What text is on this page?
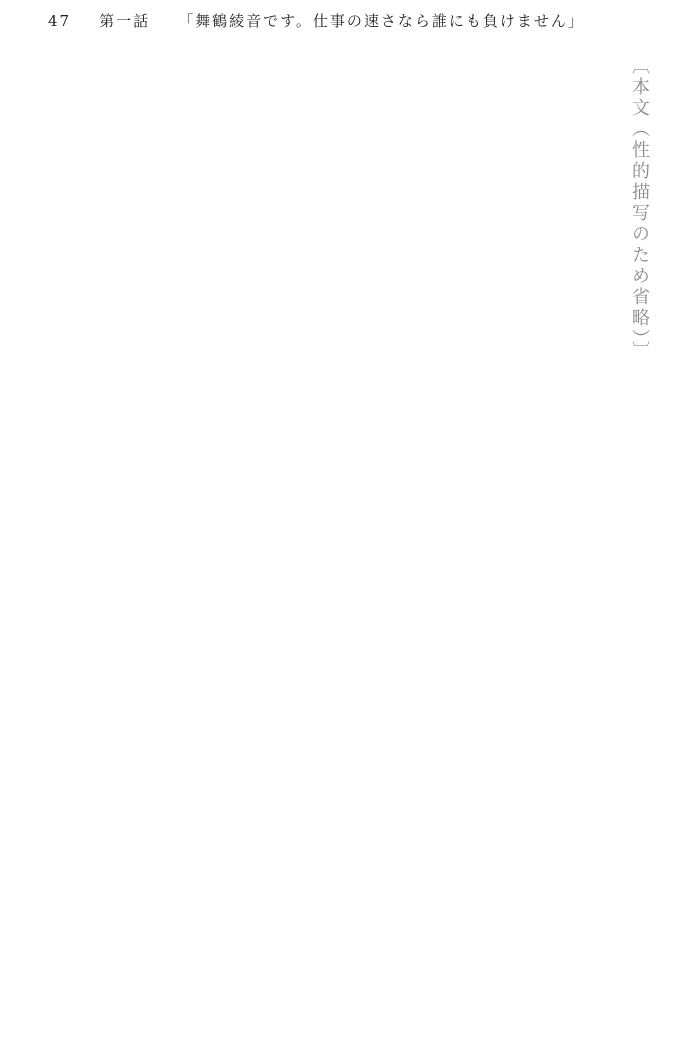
47 第一話 「舞鶴綾音です。仕事の速さなら誰にも負けません」
〔本文（性的描写のため省略）〕
